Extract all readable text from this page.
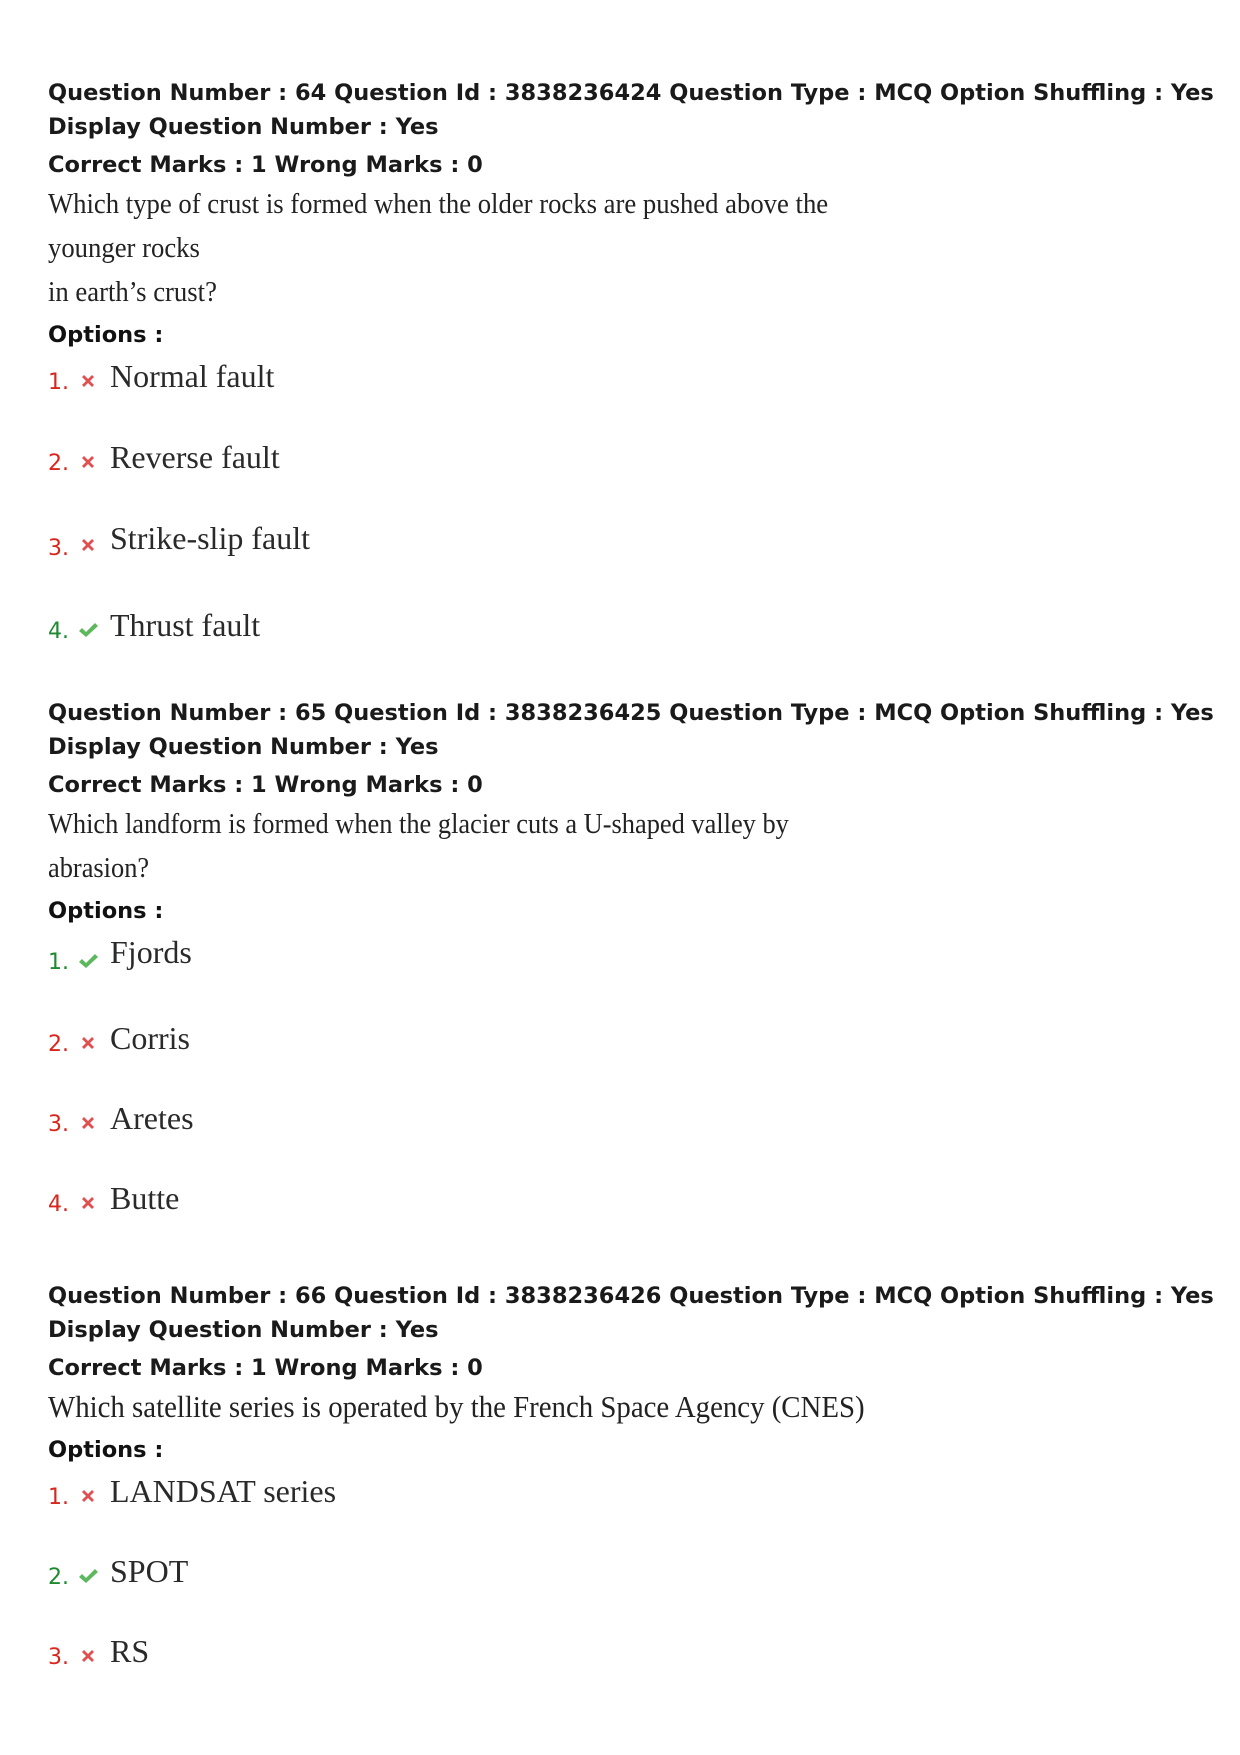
Question Number : 64 Question Id : 3838236424 Question Type : MCQ Option Shuffling : Yes
Display Question Number : Yes
Correct Marks : 1 Wrong Marks : 0
Which type of crust is formed when the older rocks are pushed above the younger rocks
in earth’s crust?
Options :
1. Normal fault
2. Reverse fault
3. Strike-slip fault
4. Thrust fault
Question Number : 65 Question Id : 3838236425 Question Type : MCQ Option Shuffling : Yes
Display Question Number : Yes
Correct Marks : 1 Wrong Marks : 0
Which landform is formed when the glacier cuts a U-shaped valley by abrasion?
Options :
1. Fjords
2. Corris
3. Aretes
4. Butte
Question Number : 66 Question Id : 3838236426 Question Type : MCQ Option Shuffling : Yes
Display Question Number : Yes
Correct Marks : 1 Wrong Marks : 0
Which satellite series is operated by the French Space Agency (CNES)
Options :
1. LANDSAT series
2. SPOT
3. RS
